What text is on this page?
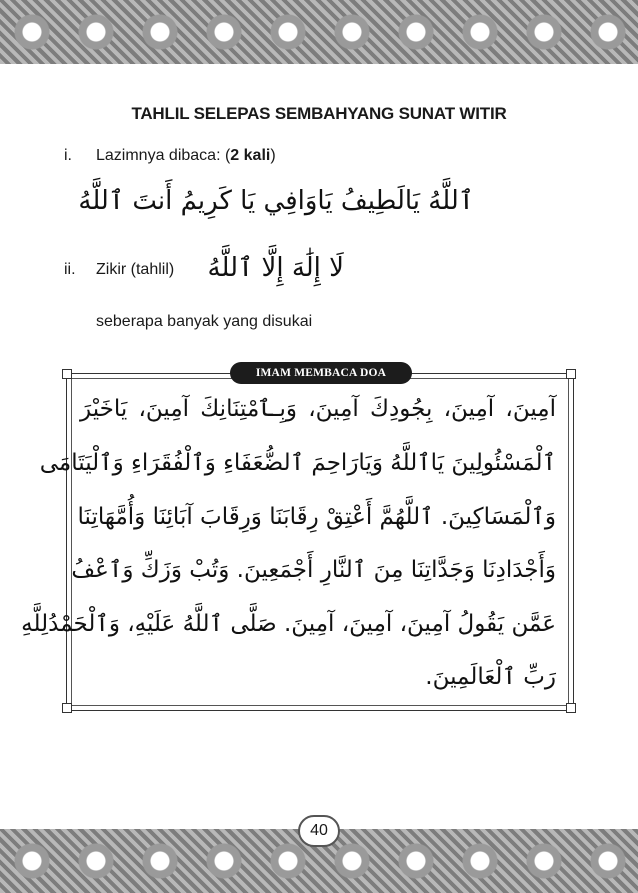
TAHLIL SELEPAS SEMBAHYANG SUNAT WITIR
i. Lazimnya dibaca: (2 kali)
ٱللَّهُ يَالَطِيفُ يَاوَافِي يَا كَرِيمُ أَنتَ ٱللَّهُ
ii. Zikir (tahlil) لَا إِلَٰهَ إِلَّا ٱللَّهُ
seberapa banyak yang disukai
IMAM MEMBACA DOA
آمِينَ، آمِينَ، بِجُودِكَ آمِينَ، وَبِـٱمْتِنَانِكَ آمِينَ، يَاخَيْرَ
ٱلْمَسْئُولِينَ يَاٱللَّهُ وَيَارَاحِمَ ٱلضُّعَفَاءِ وَٱلْفُقَرَاءِ وَٱلْيَتَامَى
وَٱلْمَسَاكِينَ. ٱللَّهُمَّ أَعْتِقْ رِقَابَنَا وَرِقَابَ آبَائِنَا وَأُمَّهَاتِنَا
وَأَجْدَادِنَا وَجَدَّاتِنَا مِنَ ٱلنَّارِ أَجْمَعِينَ. وَتُبْ وَزَكِّ وَٱعْفُ
عَمَّن يَقُولُ آمِينَ، آمِينَ، آمِينَ. صَلَّى ٱللَّهُ عَلَيْهِ، وَٱلْحَمْدُلِلَّهِ
رَبِّ ٱلْعَالَمِينَ.
40
